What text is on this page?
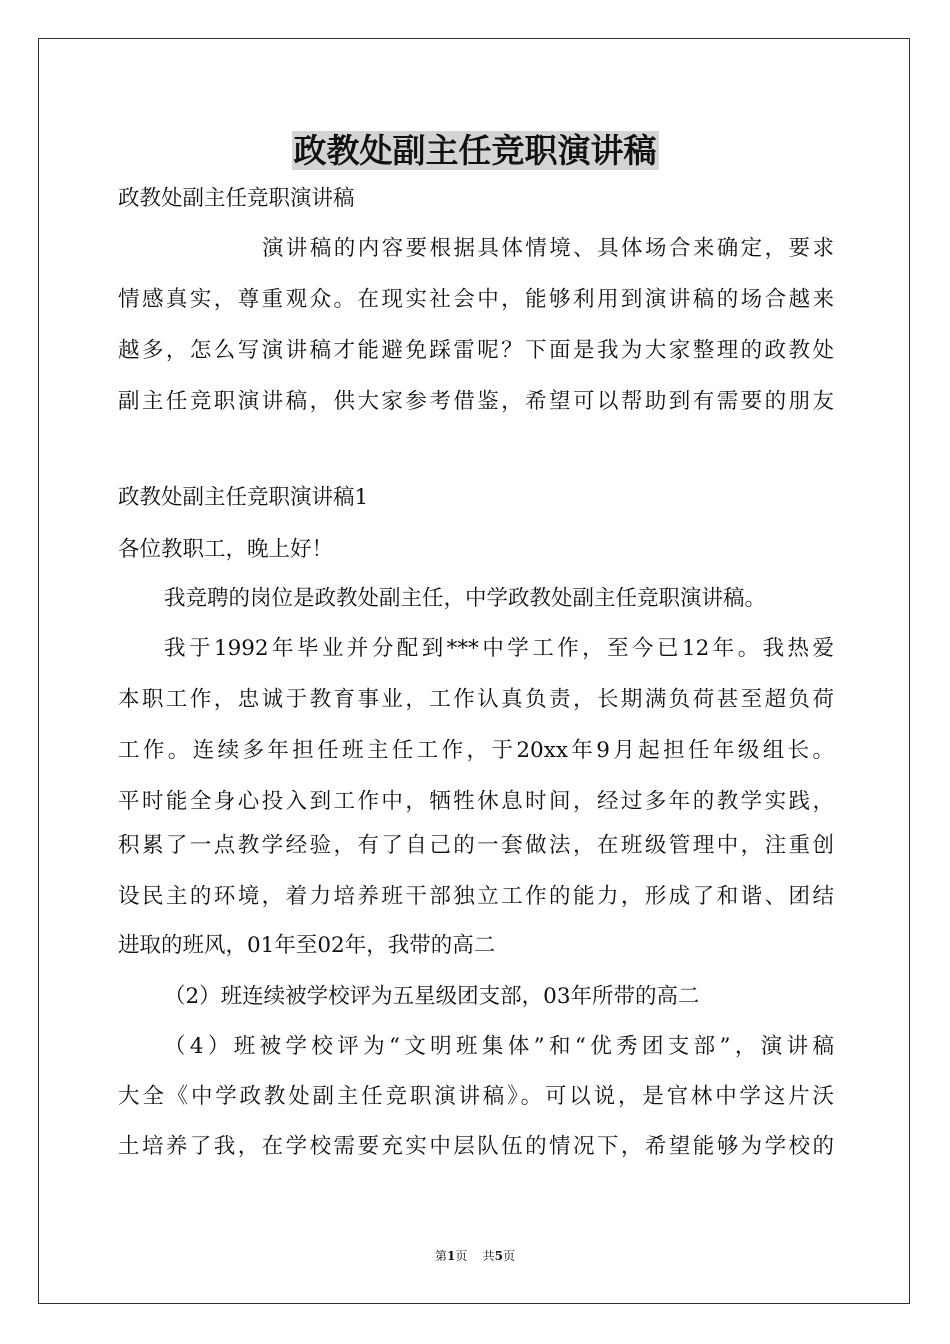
政教处副主任竞职演讲稿
政教处副主任竞职演讲稿
演讲稿的内容要根据具体情境、具体场合来确定，要求
情感真实，尊重观众。在现实社会中，能够利用到演讲稿的场合越来
越多，怎么写演讲稿才能避免踩雷呢？下面是我为大家整理的政教处
副主任竞职演讲稿，供大家参考借鉴，希望可以帮助到有需要的朋友
政教处副主任竞职演讲稿1
各位教职工，晚上好！
我竞聘的岗位是政教处副主任，中学政教处副主任竞职演讲稿。
我于1992年毕业并分配到***中学工作，至今已12年。我热爱
本职工作，忠诚于教育事业，工作认真负责，长期满负荷甚至超负荷
工作。连续多年担任班主任工作，于20xx年9月起担任年级组长。
平时能全身心投入到工作中，牺牲休息时间，经过多年的教学实践，
积累了一点教学经验，有了自己的一套做法，在班级管理中，注重创
设民主的环境，着力培养班干部独立工作的能力，形成了和谐、团结
进取的班风，01年至02年，我带的高二
（2）班连续被学校评为五星级团支部，03年所带的高二
（4）班被学校评为“文明班集体”和“优秀团支部”，演讲稿
大全《中学政教处副主任竞职演讲稿》。可以说，是官林中学这片沃
土培养了我，在学校需要充实中层队伍的情况下，希望能够为学校的
第1页 共5页
